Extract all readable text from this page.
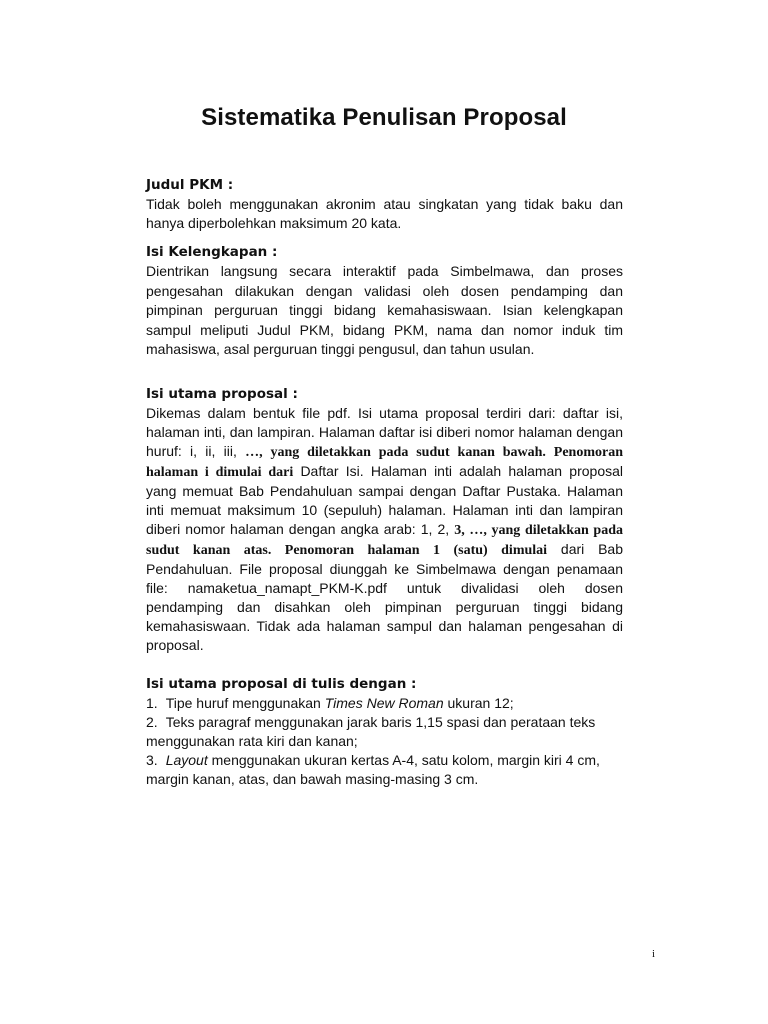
Sistematika Penulisan Proposal

Judul PKM :

Tidak boleh menggunakan akronim atau singkatan yang tidak baku dan hanya diperbolehkan maksimum 20 kata.

Isi Kelengkapan :

Dientrikan langsung secara interaktif pada Simbelmawa, dan proses pengesahan dilakukan dengan validasi oleh dosen pendamping dan pimpinan perguruan tinggi bidang kemahasiswaan. Isian kelengkapan sampul meliputi Judul PKM, bidang PKM, nama dan nomor induk tim mahasiswa, asal perguruan tinggi pengusul, dan tahun usulan.

Isi utama proposal :

Dikemas dalam bentuk file pdf. Isi utama proposal terdiri dari: daftar isi, halaman inti, dan lampiran. Halaman daftar isi diberi nomor halaman dengan huruf: i, ii, iii, …, yang diletakkan pada sudut kanan bawah. Penomoran halaman i dimulai dari Daftar Isi. Halaman inti adalah halaman proposal yang memuat Bab Pendahuluan sampai dengan Daftar Pustaka. Halaman inti memuat maksimum 10 (sepuluh) halaman. Halaman inti dan lampiran diberi nomor halaman dengan angka arab: 1, 2, 3, …, yang diletakkan pada sudut kanan atas. Penomoran halaman 1 (satu) dimulai dari Bab Pendahuluan. File proposal diunggah ke Simbelmawa dengan penamaan file: namaketua_namapt_PKM-K.pdf untuk divalidasi oleh dosen pendamping dan disahkan oleh pimpinan perguruan tinggi bidang kemahasiswaan. Tidak ada halaman sampul dan halaman pengesahan di proposal.

Isi utama proposal di tulis dengan :

1. Tipe huruf menggunakan Times New Roman ukuran 12;
2. Teks paragraf menggunakan jarak baris 1,15 spasi dan perataan teks menggunakan rata kiri dan kanan;
3. Layout menggunakan ukuran kertas A-4, satu kolom, margin kiri 4 cm, margin kanan, atas, dan bawah masing-masing 3 cm.
i
